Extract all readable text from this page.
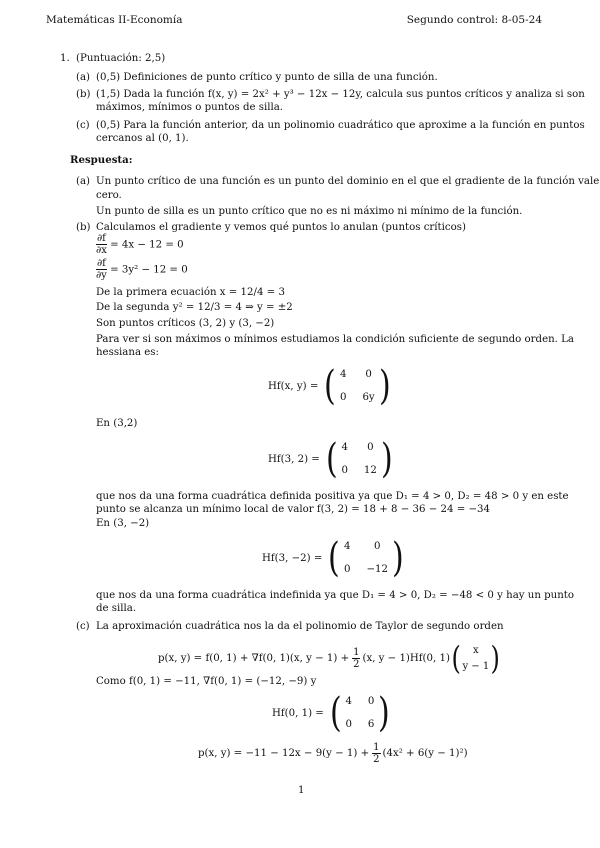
Matemáticas II-Economía	Segundo control: 8-05-24
1. (Puntuación: 2,5)
(a) (0,5) Definiciones de punto crítico y punto de silla de una función.
(b) (1,5) Dada la función f(x, y) = 2x² + y³ − 12x − 12y, calcula sus puntos críticos y analiza si son
máximos, mínimos o puntos de silla.
(c) (0,5) Para la función anterior, da un polinomio cuadrático que aproxime a la función en puntos
cercanos al (0, 1).
Respuesta:
(a) Un punto crítico de una función es un punto del dominio en el que el gradiente de la función vale
cero.
Un punto de silla es un punto crítico que no es ni máximo ni mínimo de la función.
(b) Calculamos el gradiente y vemos qué puntos lo anulan (puntos críticos)
$\frac{\partial f}{\partial x} = 4x - 12 = 0$
$\frac{\partial f}{\partial y} = 3y^2 - 12 = 0$
De la primera ecuación x = 12/4 = 3
De la segunda y² = 12/3 = 4 ⇒ y = ±2
Son puntos críticos (3, 2) y (3, −2)
Para ver si son máximos o mínimos estudiamos la condición suficiente de segundo orden. La
hessiana es:
Hf(x, y) = ( 4 0
0 6y )
En (3,2)
Hf(3, 2) = ( 4	0
0 12 )
que nos da una forma cuadrática definida positiva ya que D₁ = 4 > 0, D₂ = 48 > 0 y en este
punto se alcanza un mínimo local de valor f(3, 2) = 18 + 8 − 36 − 24 = −34
En (3, −2)
Hf(3, −2) = ( 4	0
0 −12 )
que nos da una forma cuadrática indefinida ya que D₁ = 4 > 0, D₂ = −48 < 0 y hay un punto
de silla.
(c) La aproximación cuadrática nos la da el polinomio de Taylor de segundo orden
p(x, y) = f(0, 1) + ∇f(0, 1)(x, $y - 1) + \frac{1}{2} (x$, y − 1)Hf(0, 1) (	x
y − 1 )
Como f(0, 1) = −11, ∇f(0, 1) = (−12, −9) y
Hf(0, 1) = ( 4 0
0 6 )
p(x, $y) = -11 - 12x - 9(y - 1) + \frac{1}{2} (4x^2 + 6(y - 1)^2)$
1
